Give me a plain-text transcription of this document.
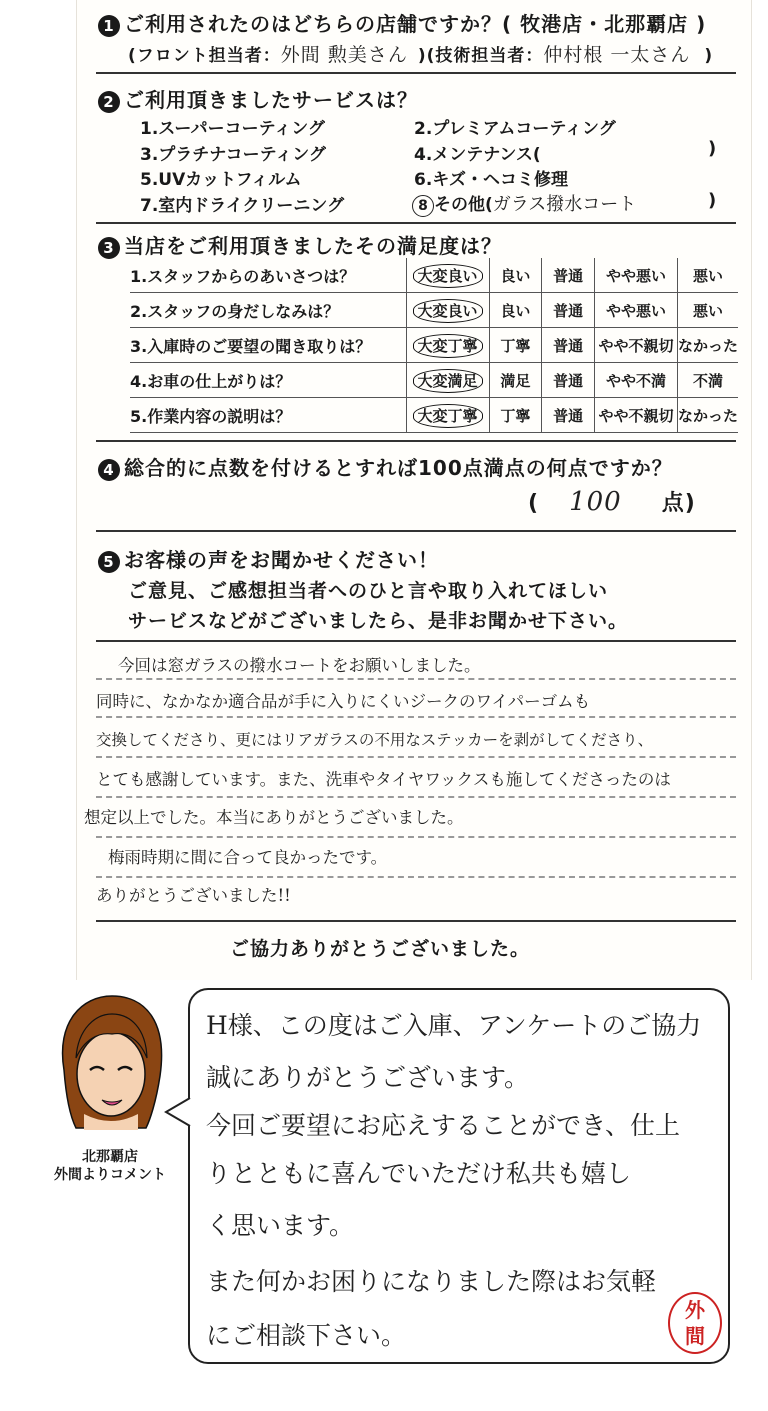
1 ご利用されたのはどちらの店舗ですか？( 牧港店・北那覇店 )
(フロント担当者：外間 勲美さん )(技術担当者：仲村根 一太さん )
2 ご利用頂きましたサービスは？
1.スーパーコーティング	2.プレミアムコーティング
3.プラチナコーティング	4.メンテナンス(	)
5.UVカットフィルム	6.キズ・ヘコミ修理
7.室内ドライクリーニング	8 その他(ガラス撥水コート	)
3 当店をご利用頂きましたその満足度は？
1.スタッフからのあいさつは？	大変良い	良い	普通	やや悪い	悪い
2.スタッフの身だしなみは？	大変良い	良い	普通	やや悪い	悪い
3.入庫時のご要望の聞き取りは？	大変丁寧	丁寧	普通	やや不親切	なかった
4.お車の仕上がりは？	大変満足	満足	普通	やや不満	不満
5.作業内容の説明は？	大変丁寧	丁寧	普通	やや不親切	なかった
4 総合的に点数を付けるとすれば100点満点の何点ですか？
( 100 点)
5 お客様の声をお聞かせください！
ご意見、ご感想担当者へのひと言や取り入れてほしい
サービスなどがございましたら、是非お聞かせ下さい。
今回は窓ガラスの撥水コートをお願いしました。
同時に、なかなか適合品が手に入りにくいジークのワイパーゴムも
交換してくださり、更にはリアガラスの不用なステッカーを剥がしてくださり、
とても感謝しています。また、洗車やタイヤワックスも施してくださったのは
想定以上でした。本当にありがとうございました。
梅雨時期に間に合って良かったです。
ありがとうございました!!
ご協力ありがとうございました。
北那覇店
外間よりコメント
H様、この度はご入庫、アンケートのご協力
誠にありがとうございます。
今回ご要望にお応えすることができ、仕上
りとともに喜んでいただけ私共も嬉し
く思います。
また何かお困りになりました際はお気軽
にご相談下さい。
外
間
